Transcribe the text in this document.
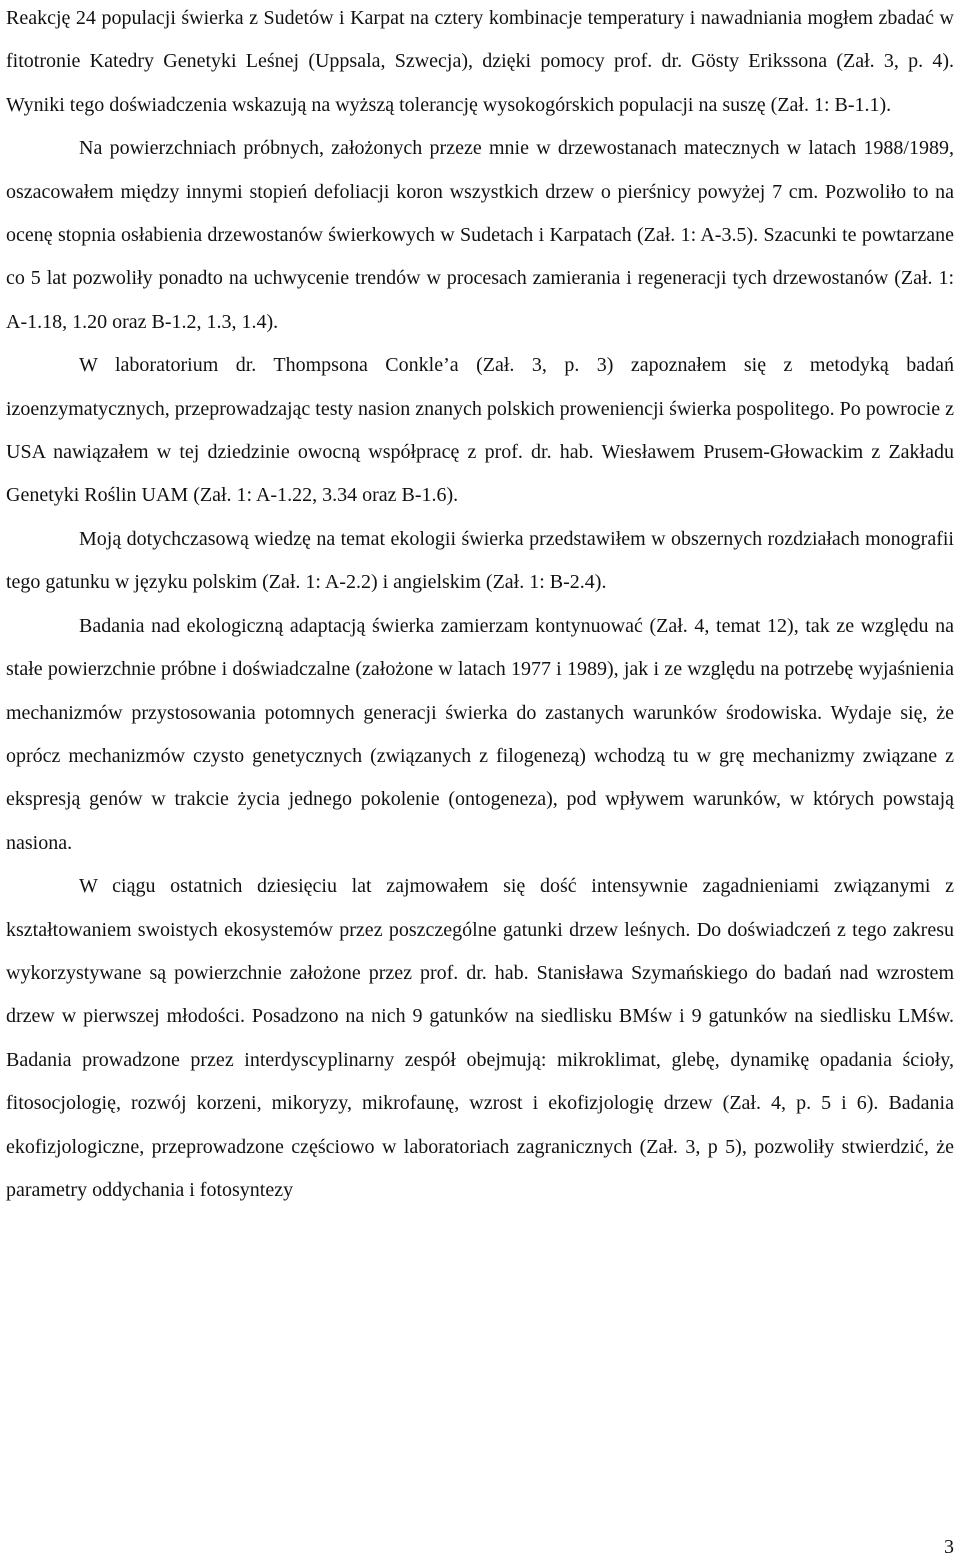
Reakcję 24 populacji świerka z Sudetów i Karpat na cztery kombinacje temperatury i nawadniania mogłem zbadać w fitotronie Katedry Genetyki Leśnej (Uppsala, Szwecja), dzięki pomocy prof. dr. Gösty Erikssona (Zał. 3, p. 4). Wyniki tego doświadczenia wskazują na wyższą tolerancję wysokogórskich populacji na suszę (Zał. 1: B-1.1).

Na powierzchniach próbnych, założonych przeze mnie w drzewostanach matecznych w latach 1988/1989, oszacowałem między innymi stopień defoliacji koron wszystkich drzew o pierśnicy powyżej 7 cm. Pozwoliło to na ocenę stopnia osłabienia drzewostanów świerkowych w Sudetach i Karpatach (Zał. 1: A-3.5). Szacunki te powtarzane co 5 lat pozwoliły ponadto na uchwycenie trendów w procesach zamierania i regeneracji tych drzewostanów (Zał. 1: A-1.18, 1.20 oraz B-1.2, 1.3, 1.4).

W laboratorium dr. Thompsona Conkle’a (Zał. 3, p. 3) zapoznałem się z metodyką badań izoenzymatycznych, przeprowadzając testy nasion znanych polskich proweniencji świerka pospolitego. Po powrocie z USA nawiązałem w tej dziedzinie owocną współpracę z prof. dr. hab. Wiesławem Prusem-Głowackim z Zakładu Genetyki Roślin UAM (Zał. 1: A-1.22, 3.34 oraz B-1.6).

Moją dotychczasową wiedzę na temat ekologii świerka przedstawiłem w obszernych rozdziałach monografii tego gatunku w języku polskim (Zał. 1: A-2.2) i angielskim (Zał. 1: B-2.4).

Badania nad ekologiczną adaptacją świerka zamierzam kontynuować (Zał. 4, temat 12), tak ze względu na stałe powierzchnie próbne i doświadczalne (założone w latach 1977 i 1989), jak i ze względu na potrzebę wyjaśnienia mechanizmów przystosowania potomnych generacji świerka do zastanych warunków środowiska. Wydaje się, że oprócz mechanizmów czysto genetycznych (związanych z filogenezą) wchodzą tu w grę mechanizmy związane z ekspresją genów w trakcie życia jednego pokolenie (ontogeneza), pod wpływem warunków, w których powstają nasiona.

W ciągu ostatnich dziesięciu lat zajmowałem się dość intensywnie zagadnieniami związanymi z kształtowaniem swoistych ekosystemów przez poszczególne gatunki drzew leśnych. Do doświadczeń z tego zakresu wykorzystywane są powierzchnie założone przez prof. dr. hab. Stanisława Szymańskiego do badań nad wzrostem drzew w pierwszej młodości. Posadzono na nich 9 gatunków na siedlisku BMśw i 9 gatunków na siedlisku LMśw. Badania prowadzone przez interdyscyplinarny zespół obejmują: mikroklimat, glebę, dynamikę opadania ścioły, fitosocjologię, rozwój korzeni, mikoryzy, mikrofaunę, wzrost i ekofizjologię drzew (Zał. 4, p. 5 i 6). Badania ekofizjologiczne, przeprowadzone częściowo w laboratoriach zagranicznych (Zał. 3, p 5), pozwoliły stwierdzić, że parametry oddychania i fotosyntezy

3
